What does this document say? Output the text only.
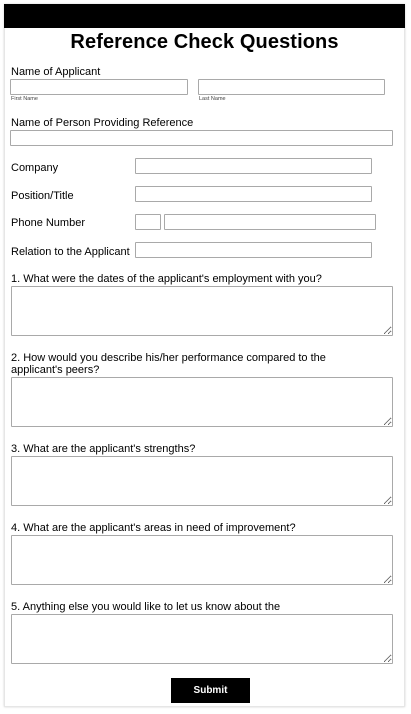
Reference Check Questions
Name of Applicant
First Name	Last Name
Name of Person Providing Reference
Company
Position/Title
Phone Number
Relation to the Applicant
1. What were the dates of the applicant's employment with you?
2. How would you describe his/her performance compared to the applicant's peers?
3. What are the applicant's strengths?
4. What are the applicant's areas in need of improvement?
5. Anything else you would like to let us know about the
Submit
